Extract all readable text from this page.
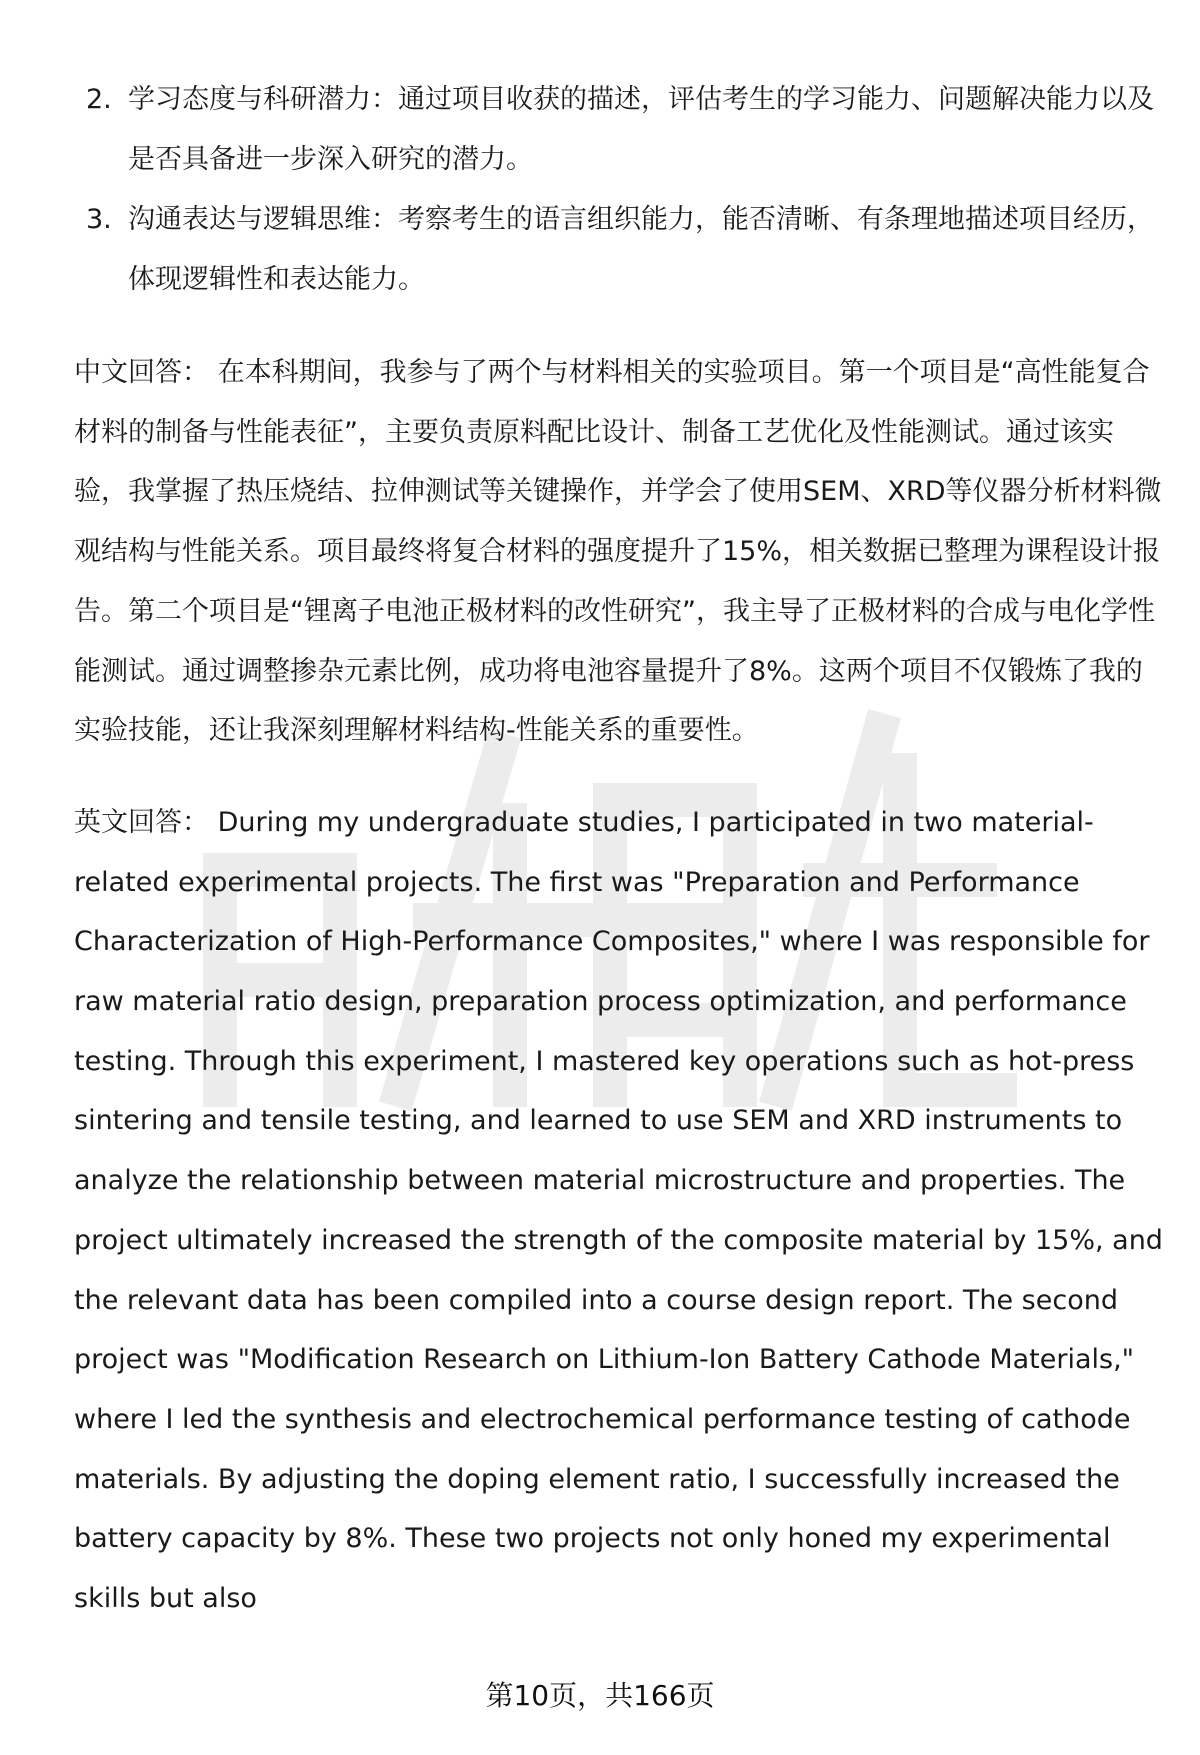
2. 学习态度与科研潜力：通过项目收获的描述，评估考生的学习能力、问题解决能力以及是否具备进一步深入研究的潜力。

3. 沟通表达与逻辑思维：考察考生的语言组织能力，能否清晰、有条理地描述项目经历，体现逻辑性和表达能力。

中文回答： 在本科期间，我参与了两个与材料相关的实验项目。第一个项目是“高性能复合材料的制备与性能表征”，主要负责原料配比设计、制备工艺优化及性能测试。通过该实验，我掌握了热压烧结、拉伸测试等关键操作，并学会了使用SEM、XRD等仪器分析材料微观结构与性能关系。项目最终将复合材料的强度提升了15%，相关数据已整理为课程设计报告。第二个项目是“锂离子电池正极材料的改性研究”，我主导了正极材料的合成与电化学性能测试。通过调整掺杂元素比例，成功将电池容量提升了8%。这两个项目不仅锻炼了我的实验技能，还让我深刻理解材料结构-性能关系的重要性。

英文回答： During my undergraduate studies, I participated in two material-related experimental projects. The first was "Preparation and Performance Characterization of High-Performance Composites," where I was responsible for raw material ratio design, preparation process optimization, and performance testing. Through this experiment, I mastered key operations such as hot-press sintering and tensile testing, and learned to use SEM and XRD instruments to analyze the relationship between material microstructure and properties. The project ultimately increased the strength of the composite material by 15%, and the relevant data has been compiled into a course design report. The second project was "Modification Research on Lithium-Ion Battery Cathode Materials," where I led the synthesis and electrochemical performance testing of cathode materials. By adjusting the doping element ratio, I successfully increased the battery capacity by 8%. These two projects not only honed my experimental skills but also

第10页，共166页
